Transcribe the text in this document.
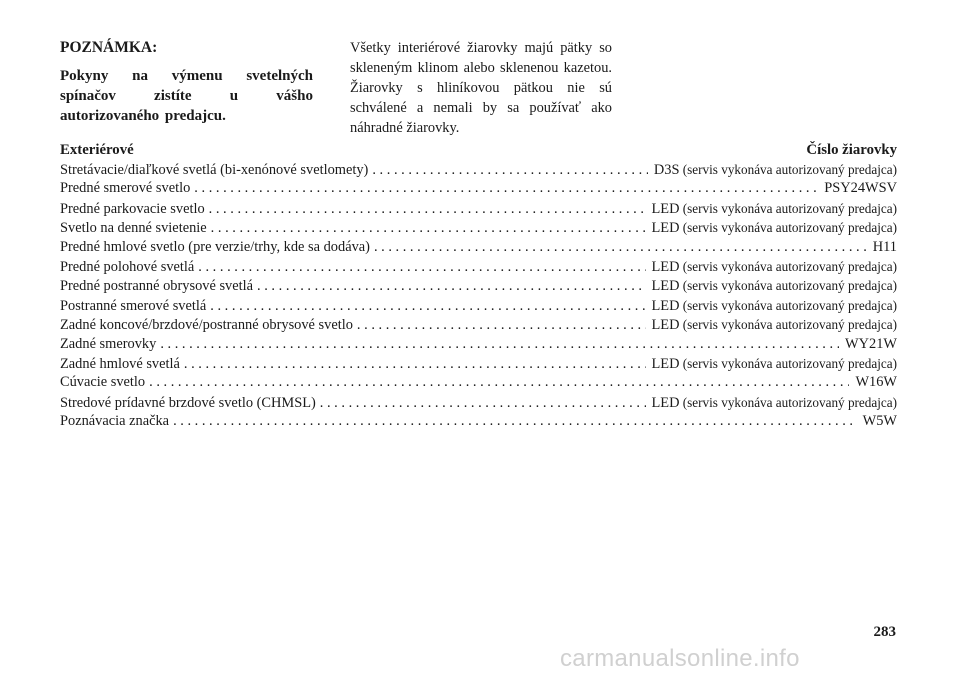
POZNÁMKA:

Pokyny na výmenu svetelných spínačov zistíte u vášho autorizovaného predajcu.

Všetky interiérové žiarovky majú pätky so skleneným klinom alebo sklenenou kazetou. Žiarovky s hliníkovou pätkou nie sú schválené a nemali by sa používať ako náhradné žiarovky.

Exteriérové	Číslo žiarovky
Stretávacie/diaľkové svetlá (bi-xenónové svetlomety) . . .	D3S (servis vykonáva autorizovaný predajca)
Predné smerové svetlo . . .	PSY24WSV
Predné parkovacie svetlo . . .	LED (servis vykonáva autorizovaný predajca)
Svetlo na denné svietenie . . .	LED (servis vykonáva autorizovaný predajca)
Predné hmlové svetlo (pre verzie/trhy, kde sa dodáva) . . .	H11
Predné polohové svetlá . . .	LED (servis vykonáva autorizovaný predajca)
Predné postranné obrysové svetlá . . .	LED (servis vykonáva autorizovaný predajca)
Postranné smerové svetlá . . .	LED (servis vykonáva autorizovaný predajca)
Zadné koncové/brzdové/postranné obrysové svetlo . . .	LED (servis vykonáva autorizovaný predajca)
Zadné smerovky . . .	WY21W
Zadné hmlové svetlá . . .	LED (servis vykonáva autorizovaný predajca)
Cúvacie svetlo . . .	W16W
Stredové prídavné brzdové svetlo (CHMSL) . . .	LED (servis vykonáva autorizovaný predajca)
Poznávacia značka . . .	W5W
283
carmanualsonline.info
